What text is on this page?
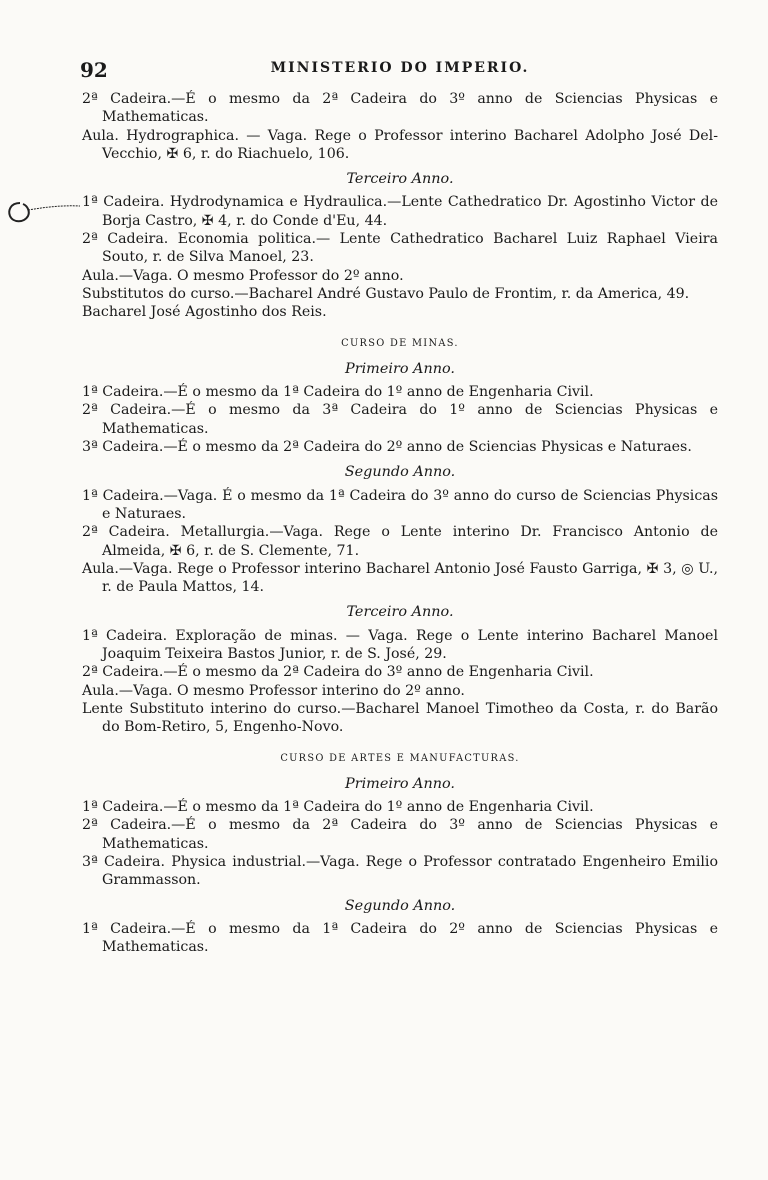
92	MINISTERIO DO IMPERIO.

2ª Cadeira.—É o mesmo da 2ª Cadeira do 3º anno de Sciencias Physicas e Mathematicas.

Aula. Hydrographica. — Vaga. Rege o Professor interino Bacharel Adolpho José Del-Vecchio, ✠ 6, r. do Riachuelo, 106.

Terceiro Anno.

1ª Cadeira. Hydrodynamica e Hydraulica.—Lente Cathedratico Dr. Agostinho Victor de Borja Castro, ✠ 4, r. do Conde d'Eu, 44.

2ª Cadeira. Economia politica.— Lente Cathedratico Bacharel Luiz Raphael Vieira Souto, r. de Silva Manoel, 23.

Aula.—Vaga. O mesmo Professor do 2º anno.

Substitutos do curso.—Bacharel André Gustavo Paulo de Frontim, r. da America, 49.

Bacharel José Agostinho dos Reis.

CURSO DE MINAS.
Primeiro Anno.

1ª Cadeira.—É o mesmo da 1ª Cadeira do 1º anno de Engenharia Civil.

2ª Cadeira.—É o mesmo da 3ª Cadeira do 1º anno de Sciencias Physicas e Mathematicas.

3ª Cadeira.—É o mesmo da 2ª Cadeira do 2º anno de Sciencias Physicas e Naturaes.

Segundo Anno.

1ª Cadeira.—Vaga. É o mesmo da 1ª Cadeira do 3º anno do curso de Sciencias Physicas e Naturaes.

2ª Cadeira. Metallurgia.—Vaga. Rege o Lente interino Dr. Francisco Antonio de Almeida, ✠ 6, r. de S. Clemente, 71.

Aula.—Vaga. Rege o Professor interino Bacharel Antonio José Fausto Garriga, ✠ 3, ◎ U., r. de Paula Mattos, 14.

Terceiro Anno.

1ª Cadeira. Exploração de minas. — Vaga. Rege o Lente interino Bacharel Manoel Joaquim Teixeira Bastos Junior, r. de S. José, 29.

2ª Cadeira.—É o mesmo da 2ª Cadeira do 3º anno de Engenharia Civil.

Aula.—Vaga. O mesmo Professor interino do 2º anno.

Lente Substituto interino do curso.—Bacharel Manoel Timotheo da Costa, r. do Barão do Bom-Retiro, 5, Engenho-Novo.

CURSO DE ARTES E MANUFACTURAS.
Primeiro Anno.

1ª Cadeira.—É o mesmo da 1ª Cadeira do 1º anno de Engenharia Civil.

2ª Cadeira.—É o mesmo da 2ª Cadeira do 3º anno de Sciencias Physicas e Mathematicas.

3ª Cadeira. Physica industrial.—Vaga. Rege o Professor contratado Engenheiro Emilio Grammasson.

Segundo Anno.

1ª Cadeira.—É o mesmo da 1ª Cadeira do 2º anno de Sciencias Physicas e Mathematicas.
